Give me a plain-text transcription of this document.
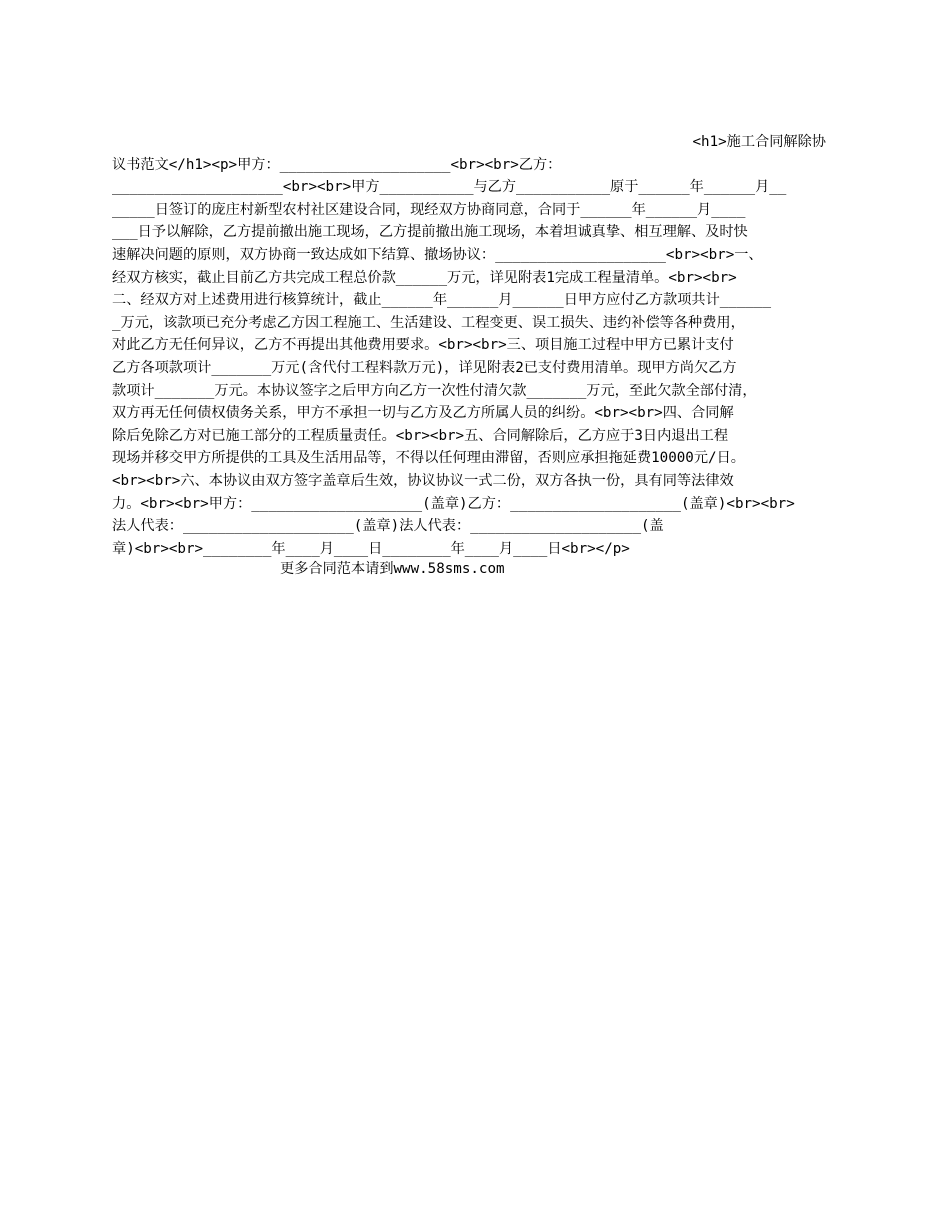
<h1>施工合同解除协
议书范文</h1><p>甲方：____________________<br><br>乙方：
____________________<br><br>甲方___________与乙方___________原于______年______月__
_____日签订的庞庄村新型农村社区建设合同，现经双方协商同意，合同于______年______月____
___日予以解除，乙方提前撤出施工现场，乙方提前撤出施工现场，本着坦诚真挚、相互理解、及时快
速解决问题的原则，双方协商一致达成如下结算、撤场协议：____________________<br><br>一、
经双方核实，截止目前乙方共完成工程总价款______万元，详见附表1完成工程量清单。<br><br>
二、经双方对上述费用进行核算统计，截止______年______月______日甲方应付乙方款项共计______
_万元，该款项已充分考虑乙方因工程施工、生活建设、工程变更、误工损失、违约补偿等各种费用，
对此乙方无任何异议，乙方不再提出其他费用要求。<br><br>三、项目施工过程中甲方已累计支付
乙方各项款项计_______万元(含代付工程料款万元)，详见附表2已支付费用清单。现甲方尚欠乙方
款项计_______万元。本协议签字之后甲方向乙方一次性付清欠款_______万元，至此欠款全部付清，
双方再无任何债权债务关系，甲方不承担一切与乙方及乙方所属人员的纠纷。<br><br>四、合同解
除后免除乙方对已施工部分的工程质量责任。<br><br>五、合同解除后，乙方应于3日内退出工程
现场并移交甲方所提供的工具及生活用品等，不得以任何理由滞留，否则应承担拖延费10000元/日。
<br><br>六、本协议由双方签字盖章后生效，协议协议一式二份，双方各执一份，具有同等法律效
力。<br><br>甲方：____________________(盖章)乙方：____________________(盖章)<br><br>
法人代表：____________________(盖章)法人代表：____________________(盖
章)<br><br>________年____月____日________年____月____日<br></p>
更多合同范本请到www.58sms.com
